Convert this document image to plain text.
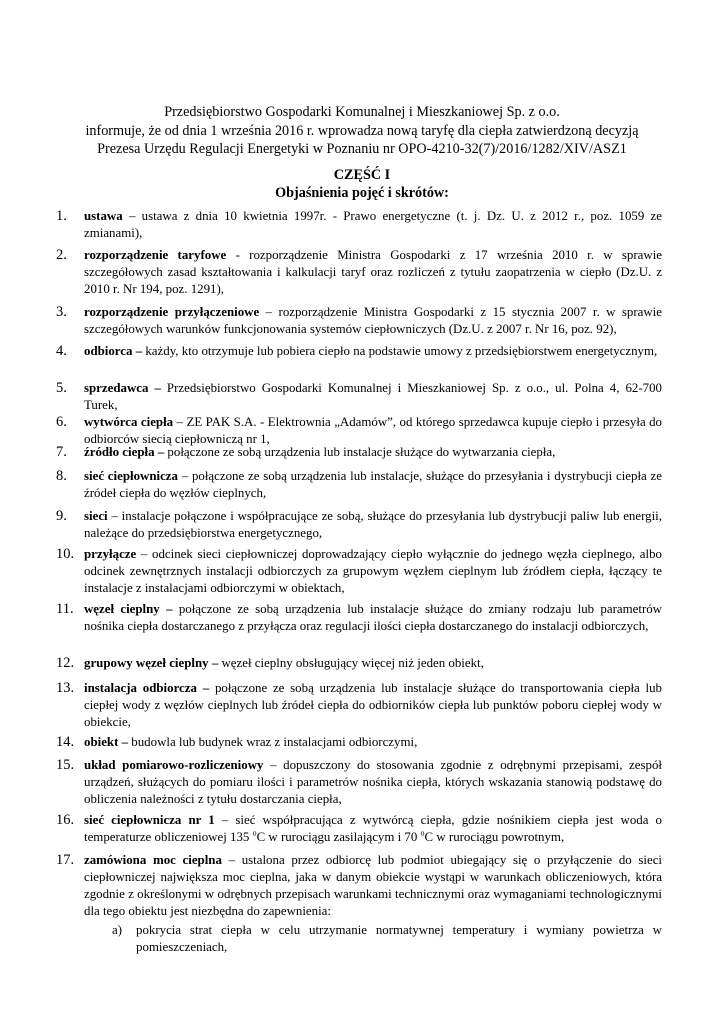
Przedsiębiorstwo Gospodarki Komunalnej i Mieszkaniowej Sp. z o.o.
informuje, że od dnia 1 września 2016 r. wprowadza nową taryfę dla ciepła zatwierdzoną decyzją
Prezesa Urzędu Regulacji Energetyki w Poznaniu nr OPO-4210-32(7)/2016/1282/XIV/ASZ1
CZĘŚĆ I
Objaśnienia pojęć i skrótów:
1. ustawa – ustawa z dnia 10 kwietnia 1997r. - Prawo energetyczne (t. j. Dz. U. z 2012 r., poz. 1059 ze zmianami),
2. rozporządzenie taryfowe - rozporządzenie Ministra Gospodarki z 17 września 2010 r. w sprawie szczegółowych zasad kształtowania i kalkulacji taryf oraz rozliczeń z tytułu zaopatrzenia w ciepło (Dz.U. z 2010 r. Nr 194, poz. 1291),
3. rozporządzenie przyłączeniowe – rozporządzenie Ministra Gospodarki z 15 stycznia 2007 r. w sprawie szczegółowych warunków funkcjonowania systemów ciepłowniczych (Dz.U. z 2007 r. Nr 16, poz. 92),
4. odbiorca – każdy, kto otrzymuje lub pobiera ciepło na podstawie umowy z przedsiębiorstwem energetycznym,
5. sprzedawca – Przedsiębiorstwo Gospodarki Komunalnej i Mieszkaniowej Sp. z o.o., ul. Polna 4, 62-700 Turek,
6. wytwórca ciepła – ZE PAK S.A. - Elektrownia „Adamów”, od którego sprzedawca kupuje ciepło i przesyła do odbiorców siecią ciepłowniczą nr 1,
7. źródło ciepła – połączone ze sobą urządzenia lub instalacje służące do wytwarzania ciepła,
8. sieć ciepłownicza – połączone ze sobą urządzenia lub instalacje, służące do przesyłania i dystrybucji ciepła ze źródeł ciepła do węzłów cieplnych,
9. sieci – instalacje połączone i współpracujące ze sobą, służące do przesyłania lub dystrybucji paliw lub energii, należące do przedsiębiorstwa energetycznego,
10. przyłącze – odcinek sieci ciepłowniczej doprowadzający ciepło wyłącznie do jednego węzła cieplnego, albo odcinek zewnętrznych instalacji odbiorczych za grupowym węzłem cieplnym lub źródłem ciepła, łączący te instalacje z instalacjami odbiorczymi w obiektach,
11. węzeł cieplny – połączone ze sobą urządzenia lub instalacje służące do zmiany rodzaju lub parametrów nośnika ciepła dostarczanego z przyłącza oraz regulacji ilości ciepła dostarczanego do instalacji odbiorczych,
12. grupowy węzeł cieplny – węzeł cieplny obsługujący więcej niż jeden obiekt,
13. instalacja odbiorcza – połączone ze sobą urządzenia lub instalacje służące do transportowania ciepła lub ciepłej wody z węzłów cieplnych lub źródeł ciepła do odbiorników ciepła lub punktów poboru ciepłej wody w obiekcie,
14. obiekt – budowla lub budynek wraz z instalacjami odbiorczymi,
15. układ pomiarowo-rozliczeniowy – dopuszczony do stosowania zgodnie z odrębnymi przepisami, zespół urządzeń, służących do pomiaru ilości i parametrów nośnika ciepła, których wskazania stanowią podstawę do obliczenia należności z tytułu dostarczania ciepła,
16. sieć ciepłownicza nr 1 – sieć współpracująca z wytwórcą ciepła, gdzie nośnikiem ciepła jest woda o temperaturze obliczeniowej 135 $^o$C w rurociągu zasilającym i 70 $^o$C w rurociągu powrotnym,
17. zamówiona moc cieplna – ustalona przez odbiorcę lub podmiot ubiegający się o przyłączenie do sieci ciepłowniczej największa moc cieplna, jaka w danym obiekcie wystąpi w warunkach obliczeniowych, która zgodnie z określonymi w odrębnych przepisach warunkami technicznymi oraz wymaganiami technologicznymi dla tego obiektu jest niezbędna do zapewnienia:
a) pokrycia strat ciepła w celu utrzymanie normatywnej temperatury i wymiany powietrza w pomieszczeniach,
